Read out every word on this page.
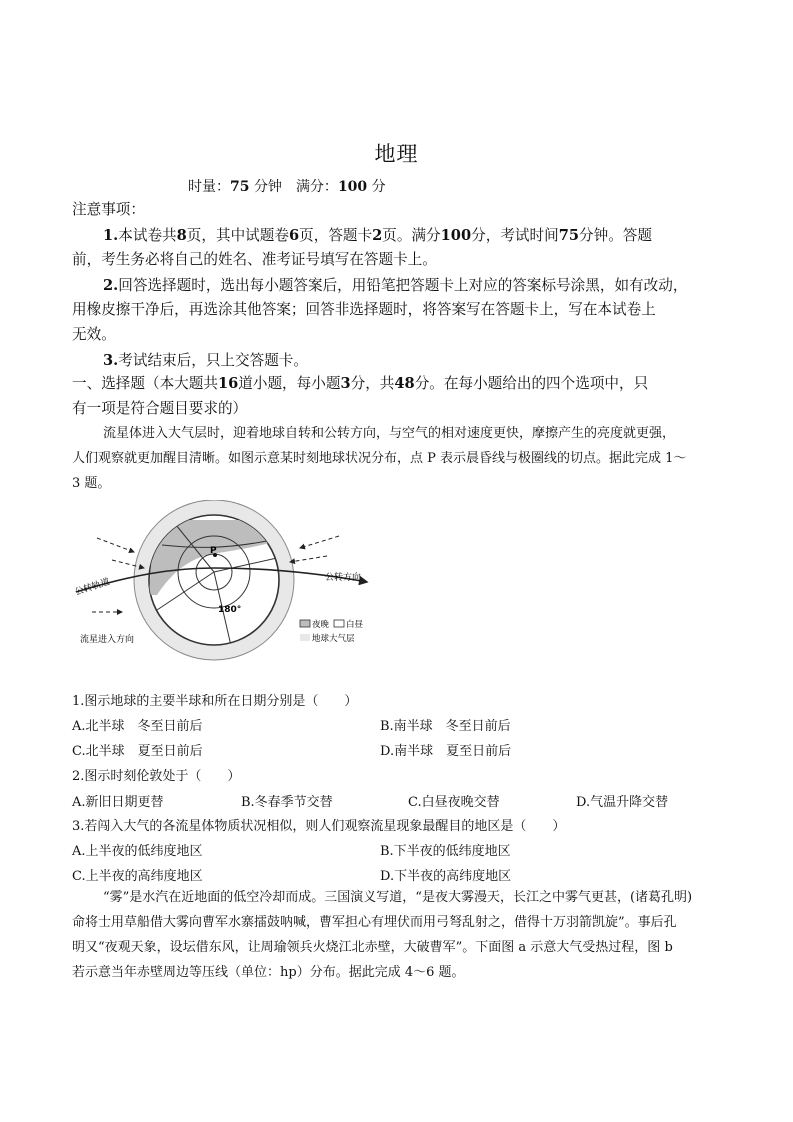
地理
时量：75 分钟 满分：100 分
注意事项：
1.本试卷共8页，其中试题卷6页，答题卡2页。满分100分，考试时间75分钟。答题
前，考生务必将自己的姓名、准考证号填写在答题卡上。
2.回答选择题时，选出每小题答案后，用铅笔把答题卡上对应的答案标号涂黑，如有改动，
用橡皮擦干净后，再选涂其他答案；回答非选择题时，将答案写在答题卡上，写在本试卷上
无效。
3.考试结束后，只上交答题卡。
一、选择题（本大题共16道小题，每小题3分，共48分。在每小题给出的四个选项中，只
有一项是符合题目要求的）
流星体进入大气层时，迎着地球自转和公转方向，与空气的相对速度更快，摩擦产生的亮度就更强，
人们观察就更加醒目清晰。如图示意某时刻地球状况分布，点 P 表示晨昏线与极圈线的切点。据此完成 1～
3 题。
P
180°
公转轨道	公转方向
流星进入方向
夜晚 白昼
地球大气层
1.图示地球的主要半球和所在日期分别是（　　）
A.北半球　冬至日前后	B.南半球　冬至日前后
C.北半球　夏至日前后	D.南半球　夏至日前后
2.图示时刻伦敦处于（　　）
A.新旧日期更替	B.冬春季节交替	C.白昼夜晚交替	D.气温升降交替
3.若闯入大气的各流星体物质状况相似，则人们观察流星现象最醒目的地区是（　　）
A.上半夜的低纬度地区	B.下半夜的低纬度地区
C.上半夜的高纬度地区	D.下半夜的高纬度地区
“雾”是水汽在近地面的低空冷却而成。三国演义写道，“是夜大雾漫天，长江之中雾气更甚，(诸葛孔明)
命将士用草船借大雾向曹军水寨擂鼓呐喊，曹军担心有埋伏而用弓弩乱射之，借得十万羽箭凯旋”。事后孔
明又“夜观天象，设坛借东风，让周瑜领兵火烧江北赤壁，大破曹军”。下面图 a 示意大气受热过程，图 b
若示意当年赤壁周边等压线（单位：hp）分布。据此完成 4～6 题。
